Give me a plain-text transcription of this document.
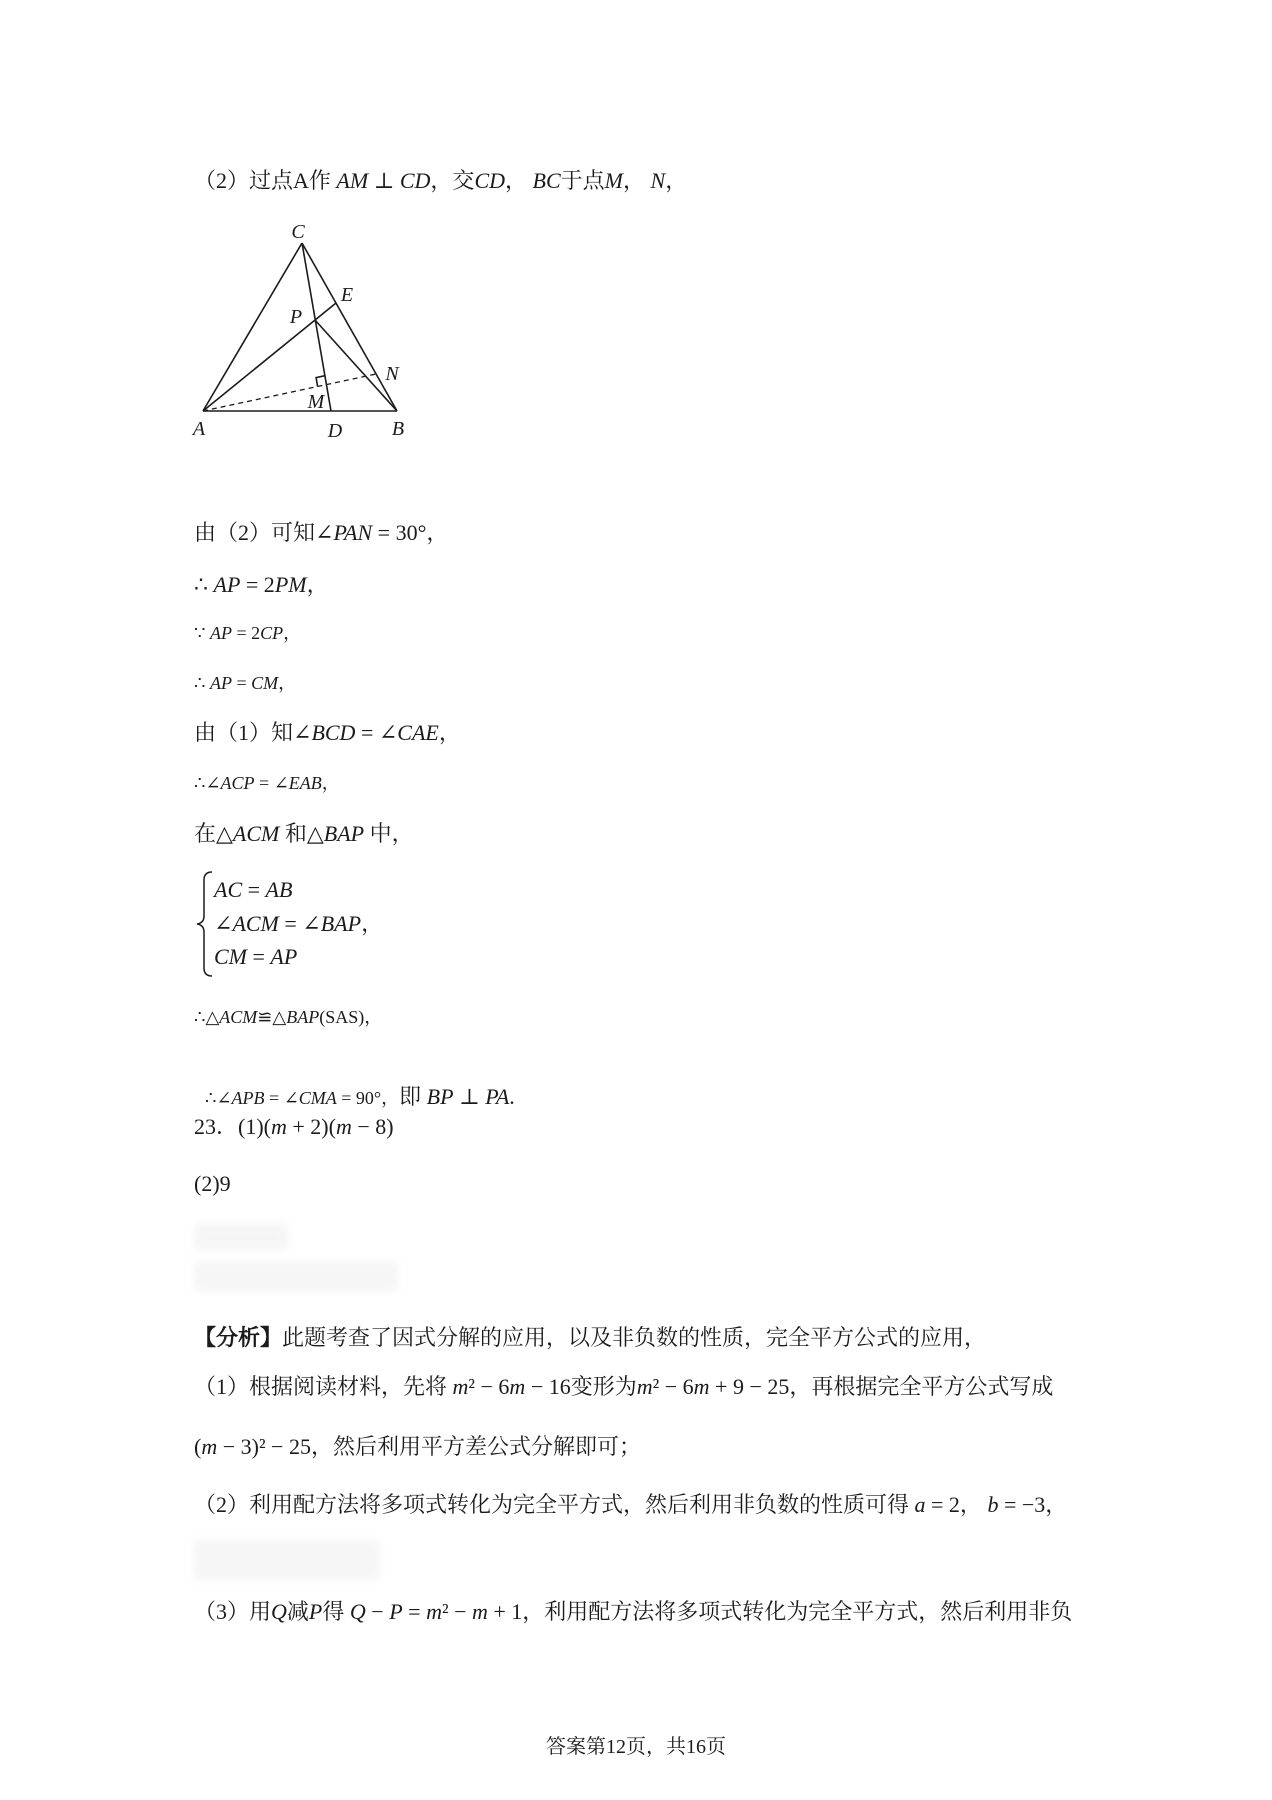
（2）过点A作 AM ⊥ CD，交CD， BC于点M， N，
C
E
P
N
M
A	D B
由（2）可知∠PAN = 30°，
∴ AP = 2PM，
∵ AP = 2CP，
∴ AP = CM，
由（1）知∠BCD = ∠CAE，
∴∠ACP = ∠EAB，
在△ACM 和△BAP 中，
AC = AB
∠ACM = ∠BAP，
CM = AP
∴△ACM≌△BAP(SAS)，

∴∠APB = ∠CMA = 90°，即 BP ⊥ PA.

23．(1)(m + 2)(m − 8)
(2)9
【分析】此题考查了因式分解的应用，以及非负数的性质，完全平方公式的应用，
（1）根据阅读材料，先将 m² − 6m − 16变形为m² − 6m + 9 − 25，再根据完全平方公式写成
(m − 3)² − 25，然后利用平方差公式分解即可；
（2）利用配方法将多项式转化为完全平方式，然后利用非负数的性质可得 a = 2， b = −3，
（3）用Q减P得 Q − P = m² − m + 1，利用配方法将多项式转化为完全平方式，然后利用非负
答案第12页，共16页
